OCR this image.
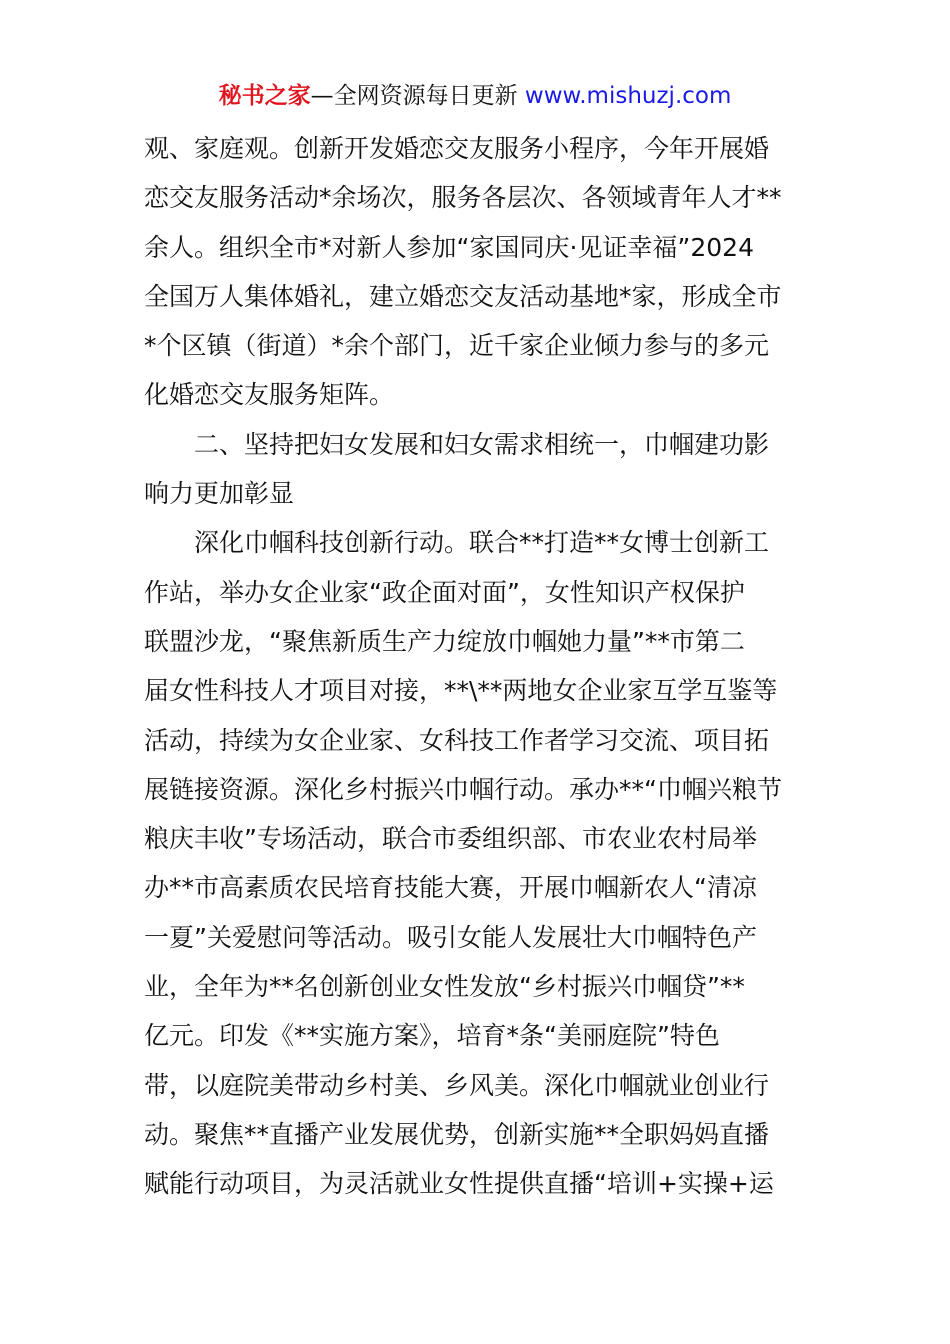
秘书之家—全网资源每日更新 www.mishuzj.com
观、家庭观。创新开发婚恋交友服务小程序，今年开展婚
恋交友服务活动*余场次，服务各层次、各领域青年人才**
余人。组织全市*对新人参加“家国同庆·见证幸福”2024
全国万人集体婚礼，建立婚恋交友活动基地*家，形成全市
*个区镇（街道）*余个部门，近千家企业倾力参与的多元
化婚恋交友服务矩阵。
二、坚持把妇女发展和妇女需求相统一，巾帼建功影
响力更加彰显
深化巾帼科技创新行动。联合**打造**女博士创新工
作站，举办女企业家“政企面对面”，女性知识产权保护
联盟沙龙，“聚焦新质生产力绽放巾帼她力量”**市第二
届女性科技人才项目对接，**\**两地女企业家互学互鉴等
活动，持续为女企业家、女科技工作者学习交流、项目拓
展链接资源。深化乡村振兴巾帼行动。承办**“巾帼兴粮节
粮庆丰收”专场活动，联合市委组织部、市农业农村局举
办**市高素质农民培育技能大赛，开展巾帼新农人“清凉
一夏”关爱慰问等活动。吸引女能人发展壮大巾帼特色产
业，全年为**名创新创业女性发放“乡村振兴巾帼贷”**
亿元。印发《**实施方案》，培育*条“美丽庭院”特色
带，以庭院美带动乡村美、乡风美。深化巾帼就业创业行
动。聚焦**直播产业发展优势，创新实施**全职妈妈直播
赋能行动项目，为灵活就业女性提供直播“培训+实操+运
